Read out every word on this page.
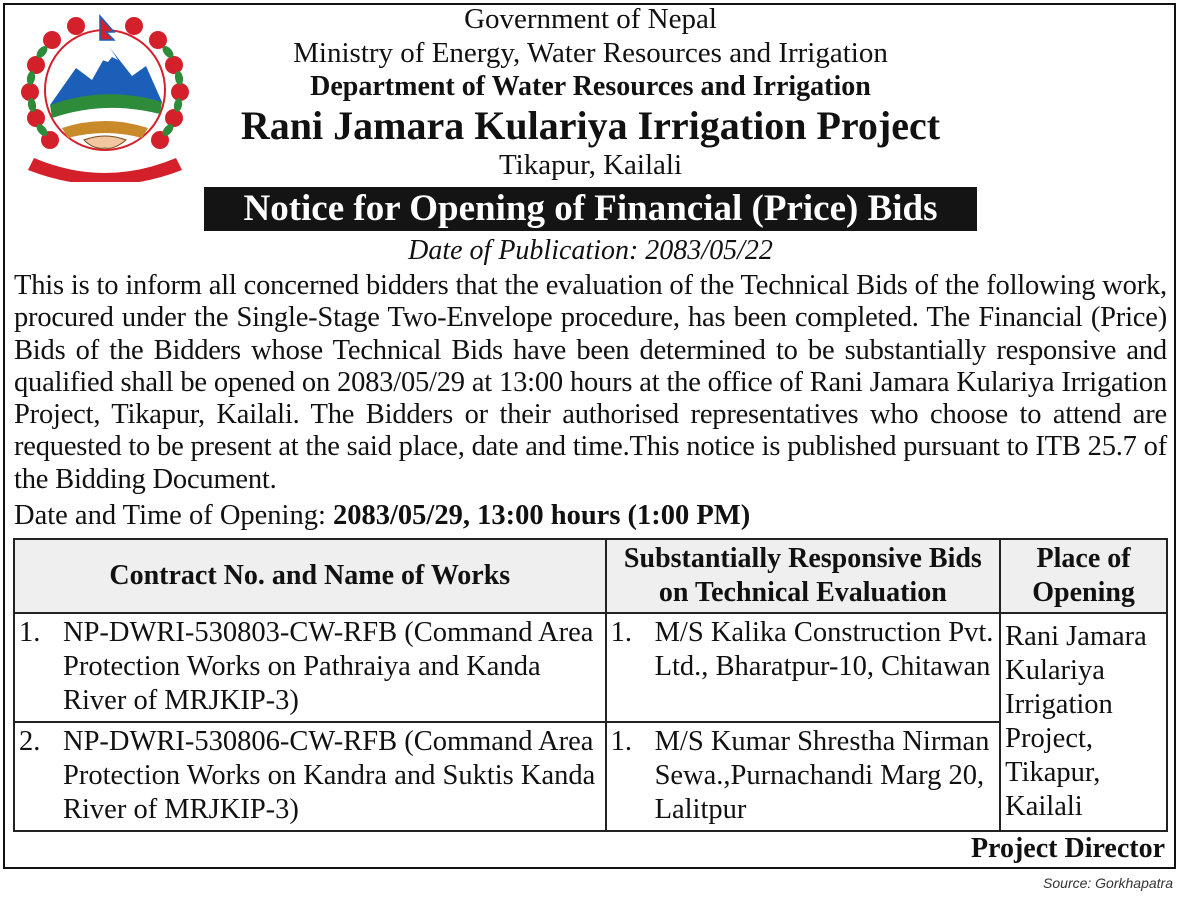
Government of Nepal
Ministry of Energy, Water Resources and Irrigation
Department of Water Resources and Irrigation
Rani Jamara Kulariya Irrigation Project
Tikapur, Kailali
Notice for Opening of Financial (Price) Bids
Date of Publication: 2083/05/22
This is to inform all concerned bidders that the evaluation of the Technical Bids of the following work, procured under the Single-Stage Two-Envelope procedure, has been completed. The Financial (Price) Bids of the Bidders whose Technical Bids have been determined to be substantially responsive and qualified shall be opened on 2083/05/29 at 13:00 hours at the office of Rani Jamara Kulariya Irrigation Project, Tikapur, Kailali. The Bidders or their authorised representatives who choose to attend are requested to be present at the said place, date and time.This notice is published pursuant to ITB 25.7 of the Bidding Document.
Date and Time of Opening: 2083/05/29, 13:00 hours (1:00 PM)
Contract No. and Name of Works	Substantially Responsive Bids on Technical Evaluation	Place of Opening

1. NP-DWRI-530803-CW-RFB (Command Area Protection Works on Pathraiya and Kanda River of MRJKIP-3)	1. M/S Kalika Construction Pvt. Ltd., Bharatpur-10, Chitawan	Rani Jamara Kulariya Irrigation Project, Tikapur, Kailali

2. NP-DWRI-530806-CW-RFB (Command Area Protection Works on Kandra and Suktis Kanda River of MRJKIP-3)	1. M/S Kumar Shrestha Nirman Sewa.,Purnachandi Marg 20, Lalitpur	
Project Director
Source: Gorkhapatra
